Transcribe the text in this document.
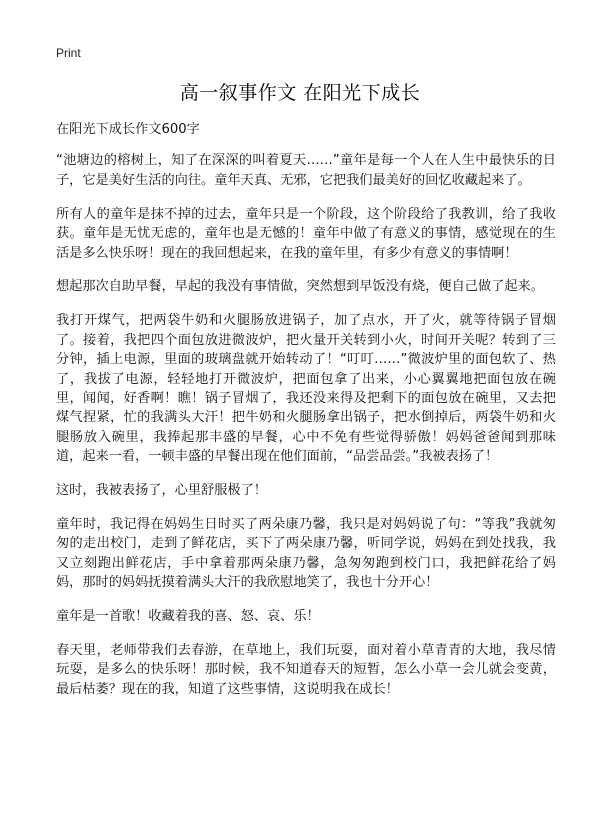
Print
高一叙事作文 在阳光下成长

在阳光下成长作文600字

“池塘边的榕树上，知了在深深的叫着夏天……”童年是每一个人在人生中最快乐的日子，它是美好生活的向往。童年天真、无邪，它把我们最美好的回忆收藏起来了。

所有人的童年是抹不掉的过去，童年只是一个阶段，这个阶段给了我教训，给了我收获。童年是无忧无虑的，童年也是无憾的！童年中做了有意义的事情，感觉现在的生活是多么快乐呀！现在的我回想起来，在我的童年里，有多少有意义的事情啊！

想起那次自助早餐，早起的我没有事情做，突然想到早饭没有烧，便自己做了起来。

我打开煤气，把两袋牛奶和火腿肠放进锅子，加了点水，开了火，就等待锅子冒烟了。接着，我把四个面包放进微波炉，把火量开关转到小火，时间开关呢？转到了三分钟，插上电源，里面的玻璃盘就开始转动了！“叮叮……”微波炉里的面包软了、热了，我拔了电源，轻轻地打开微波炉，把面包拿了出来，小心翼翼地把面包放在碗里，闻闻，好香啊！瞧！锅子冒烟了，我还没来得及把剩下的面包放在碗里，又去把煤气捏紧，忙的我满头大汗！把牛奶和火腿肠拿出锅子，把水倒掉后，两袋牛奶和火腿肠放入碗里，我捧起那丰盛的早餐，心中不免有些觉得骄傲！妈妈爸爸闻到那味道，起来一看，一顿丰盛的早餐出现在他们面前，“品尝品尝。”我被表扬了！

这时，我被表扬了，心里舒服极了！

童年时，我记得在妈妈生日时买了两朵康乃馨，我只是对妈妈说了句：“等我”我就匆匆的走出校门，走到了鲜花店，买下了两朵康乃馨，听同学说，妈妈在到处找我，我又立刻跑出鲜花店，手中拿着那两朵康乃馨，急匆匆跑到校门口，我把鲜花给了妈妈，那时的妈妈抚摸着满头大汗的我欣慰地笑了，我也十分开心！

童年是一首歌！收藏着我的喜、怒、哀、乐！

春天里，老师带我们去春游，在草地上，我们玩耍，面对着小草青青的大地，我尽情玩耍，是多么的快乐呀！那时候，我不知道春天的短暂，怎么小草一会儿就会变黄，最后枯萎？现在的我，知道了这些事情，这说明我在成长！
